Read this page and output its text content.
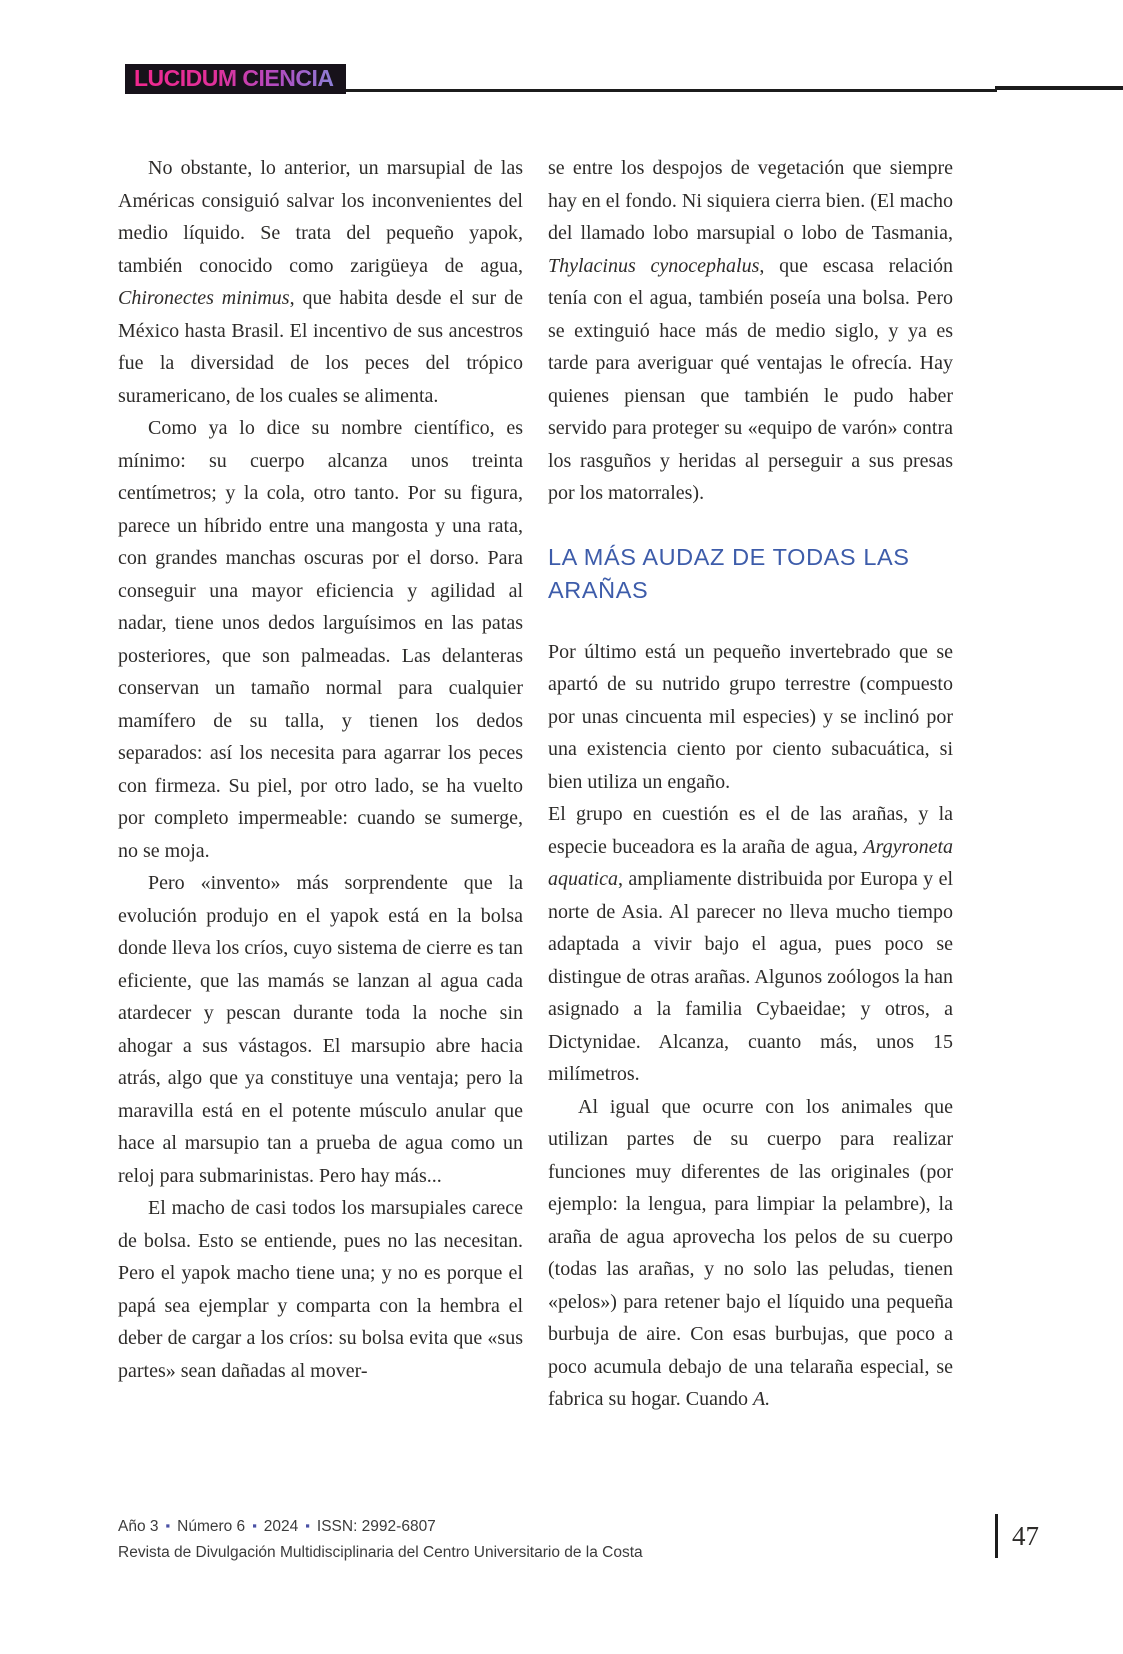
LUCIDUM CIENCIA

No obstante, lo anterior, un marsupial de las Américas consiguió salvar los inconvenientes del medio líquido. Se trata del pequeño yapok, también conocido como zarigüeya de agua, Chironectes minimus, que habita desde el sur de México hasta Brasil. El incentivo de sus ancestros fue la diversidad de los peces del trópico suramericano, de los cuales se alimenta.

Como ya lo dice su nombre científico, es mínimo: su cuerpo alcanza unos treinta centímetros; y la cola, otro tanto. Por su figura, parece un híbrido entre una mangosta y una rata, con grandes manchas oscuras por el dorso. Para conseguir una mayor eficiencia y agilidad al nadar, tiene unos dedos larguísimos en las patas posteriores, que son palmeadas. Las delanteras conservan un tamaño normal para cualquier mamífero de su talla, y tienen los dedos separados: así los necesita para agarrar los peces con firmeza. Su piel, por otro lado, se ha vuelto por completo impermeable: cuando se sumerge, no se moja.

Pero «invento» más sorprendente que la evolución produjo en el yapok está en la bolsa donde lleva los críos, cuyo sistema de cierre es tan eficiente, que las mamás se lanzan al agua cada atardecer y pescan durante toda la noche sin ahogar a sus vástagos. El marsupio abre hacia atrás, algo que ya constituye una ventaja; pero la maravilla está en el potente músculo anular que hace al marsupio tan a prueba de agua como un reloj para submarinistas. Pero hay más...

El macho de casi todos los marsupiales carece de bolsa. Esto se entiende, pues no las necesitan. Pero el yapok macho tiene una; y no es porque el papá sea ejemplar y comparta con la hembra el deber de cargar a los críos: su bolsa evita que «sus partes» sean dañadas al mover-

se entre los despojos de vegetación que siempre hay en el fondo. Ni siquiera cierra bien. (El macho del llamado lobo marsupial o lobo de Tasmania, Thylacinus cynocephalus, que escasa relación tenía con el agua, también poseía una bolsa. Pero se extinguió hace más de medio siglo, y ya es tarde para averiguar qué ventajas le ofrecía. Hay quienes piensan que también le pudo haber servido para proteger su «equipo de varón» contra los rasguños y heridas al perseguir a sus presas por los matorrales).

LA MÁS AUDAZ DE TODAS LAS ARAÑAS

Por último está un pequeño invertebrado que se apartó de su nutrido grupo terrestre (compuesto por unas cincuenta mil especies) y se inclinó por una existencia ciento por ciento subacuática, si bien utiliza un engaño.

El grupo en cuestión es el de las arañas, y la especie buceadora es la araña de agua, Argyroneta aquatica, ampliamente distribuida por Europa y el norte de Asia. Al parecer no lleva mucho tiempo adaptada a vivir bajo el agua, pues poco se distingue de otras arañas. Algunos zoólogos la han asignado a la familia Cybaeidae; y otros, a Dictynidae. Alcanza, cuanto más, unos 15 milímetros.

Al igual que ocurre con los animales que utilizan partes de su cuerpo para realizar funciones muy diferentes de las originales (por ejemplo: la lengua, para limpiar la pelambre), la araña de agua aprovecha los pelos de su cuerpo (todas las arañas, y no solo las peludas, tienen «pelos») para retener bajo el líquido una pequeña burbuja de aire. Con esas burbujas, que poco a poco acumula debajo de una telaraña especial, se fabrica su hogar. Cuando A.

Año 3 ▪ Número 6 ▪ 2024 ▪ ISSN: 2992-6807
Revista de Divulgación Multidisciplinaria del Centro Universitario de la Costa
47
